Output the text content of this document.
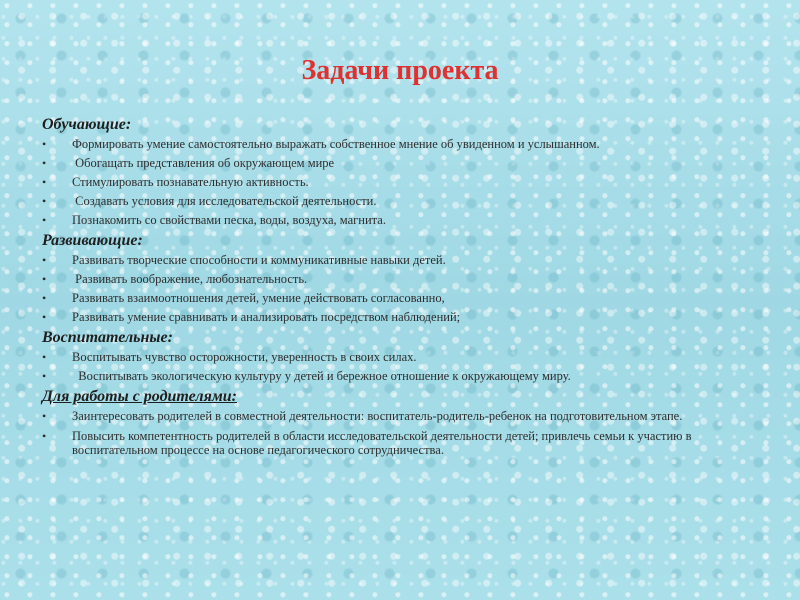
Задачи проекта
Обучающие:
•	Формировать умение самостоятельно выражать собственное мнение об увиденном и услышанном.
•	Обогащать представления об окружающем мире
•	Стимулировать познавательную активность.
•	Создавать условия для исследовательской деятельности.
•	Познакомить со свойствами песка, воды, воздуха, магнита.
Развивающие:
•	Развивать творческие способности и коммуникативные навыки детей.
•	Развивать воображение, любознательность.
•	Развивать взаимоотношения детей, умение действовать согласованно,
•	Развивать умение сравнивать и анализировать посредством наблюдений;
Воспитательные:
•	Воспитывать чувство осторожности, уверенность в своих силах.
•	Воспитывать экологическую культуру у детей и бережное отношение к окружающему миру.
Для работы с родителями:
•	Заинтересовать родителей в совместной деятельности: воспитатель-родитель-ребенок на подготовительном этапе.
•	Повысить компетентность родителей в области исследовательской деятельности детей; привлечь семьи к участию в воспитательном процессе на основе педагогического сотрудничества.
